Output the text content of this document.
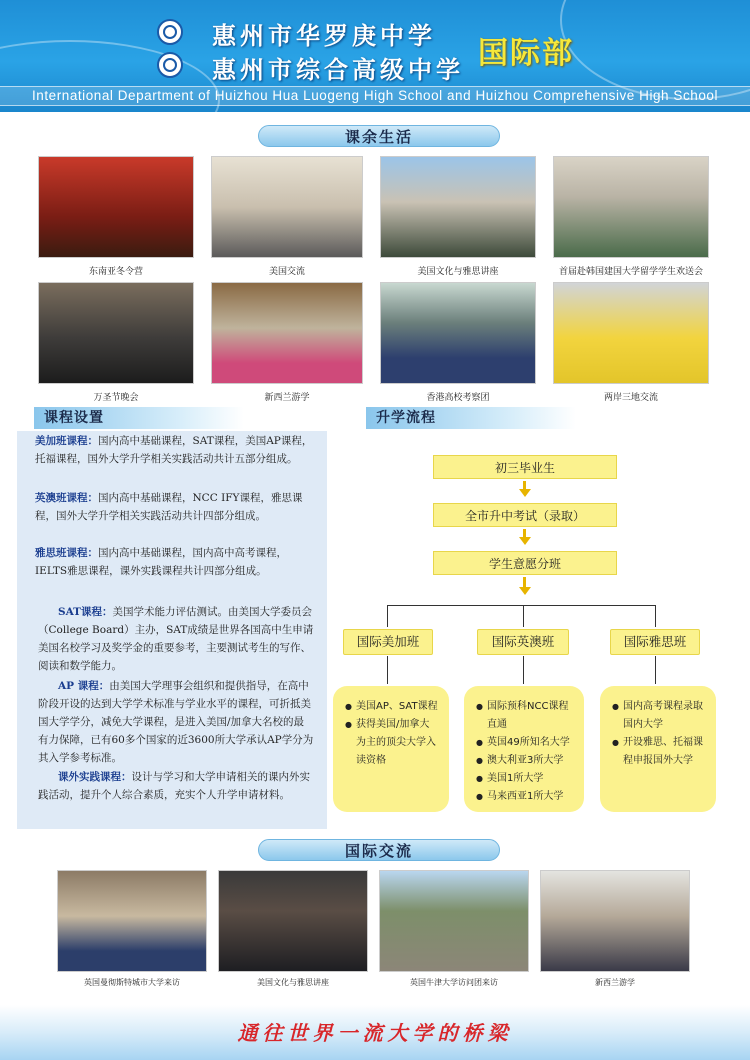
惠州市华罗庚中学
惠州市综合高级中学 国际部
International Department of Huizhou Hua Luogeng High School and Huizhou Comprehensive High School
课余生活
东南亚冬令营	美国交流	美国文化与雅思讲座	首届赴韩国建国大学留学学生欢送会
万圣节晚会	新西兰游学	香港高校考察团	两岸三地交流
课程设置
美加班课程：国内高中基础课程，SAT课程，美国AP课程，托福课程，国外大学升学相关实践活动共计五部分组成。
英澳班课程：国内高中基础课程，NCC IFY课程，雅思课程，国外大学升学相关实践活动共计四部分组成。
雅思班课程：国内高中基础课程，国内高中高考课程，IELTS雅思课程，课外实践课程共计四部分组成。
SAT课程：美国学术能力评估测试。由美国大学委员会（College Board）主办，SAT成绩是世界各国高中生申请美国名校学习及奖学金的重要参考，主要测试考生的写作、阅读和数学能力。
AP 课程：由美国大学理事会组织和提供指导，在高中阶段开设的达到大学学术标准与学业水平的课程，可折抵美国大学学分，减免大学课程，是进入美国/加拿大名校的最有力保障，已有60多个国家的近3600所大学承认AP学分为其入学参考标准。
课外实践课程：设计与学习和大学申请相关的课内外实践活动，提升个人综合素质，充实个人升学申请材料。
升学流程
初三毕业生
全市升中考试（录取）
学生意愿分班
国际美加班	国际英澳班	国际雅思班
● 美国AP、SAT课程
● 获得美国/加拿大为主的顶尖大学入读资格
● 国际预科NCC课程直通
● 英国49所知名大学
● 澳大利亚3所大学
● 美国1所大学
● 马来西亚1所大学
● 国内高考课程录取国内大学
● 开设雅思、托福课程申报国外大学
国际交流
英国曼彻斯特城市大学来访	美国文化与雅思讲座	英国牛津大学访问团来访	新西兰游学
通往世界一流大学的桥梁
